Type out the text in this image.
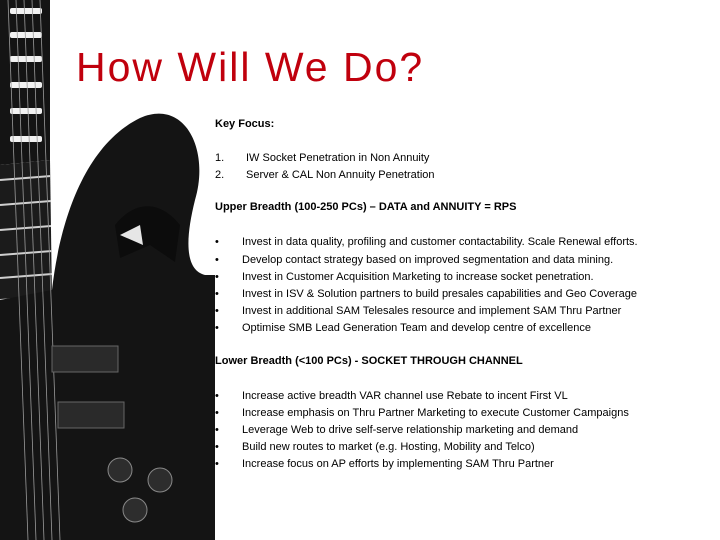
How Will We Do?
Key Focus:
1. IW Socket Penetration in Non Annuity
2. Server & CAL Non Annuity Penetration
Upper Breadth (100-250 PCs) – DATA and ANNUITY = RPS
• Invest in data quality, profiling and customer contactability. Scale Renewal efforts.
• Develop contact strategy based on improved segmentation and data mining.
• Invest in Customer Acquisition Marketing to increase socket penetration.
• Invest in ISV & Solution partners to build presales capabilities and Geo Coverage
• Invest in additional SAM Telesales resource and implement SAM Thru Partner
• Optimise SMB Lead Generation Team and develop centre of excellence
Lower Breadth (<100 PCs) - SOCKET THROUGH CHANNEL
• Increase active breadth VAR channel use Rebate to incent First VL
• Increase emphasis on Thru Partner Marketing to execute Customer Campaigns
• Leverage Web to drive self-serve relationship marketing and demand
• Build new routes to market (e.g. Hosting, Mobility and Telco)
• Increase focus on AP efforts by implementing SAM Thru Partner
